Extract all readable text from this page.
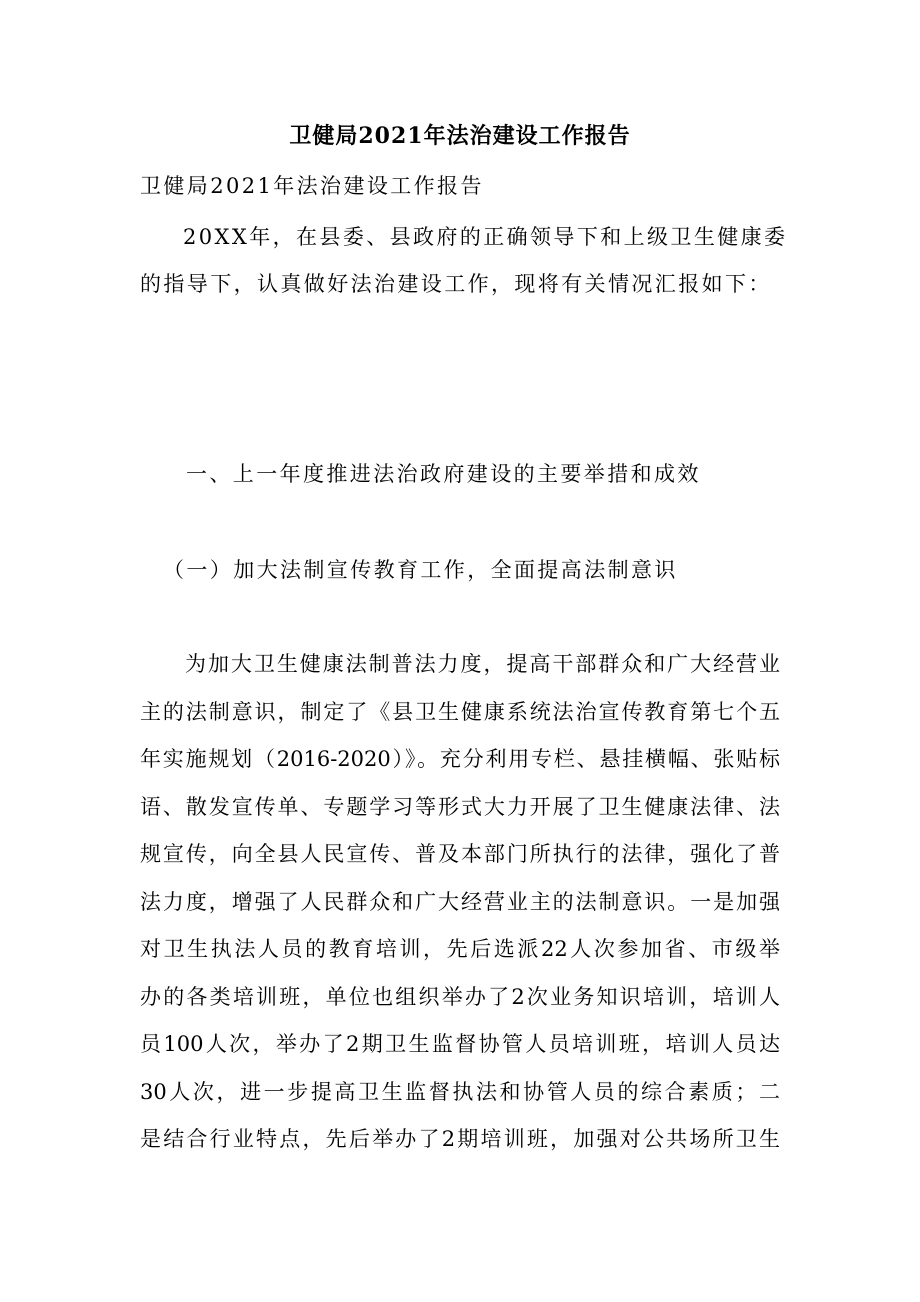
卫健局2021年法治建设工作报告
卫健局2021年法治建设工作报告
20XX年，在县委、县政府的正确领导下和上级卫生健康委
的指导下，认真做好法治建设工作，现将有关情况汇报如下：
一、上一年度推进法治政府建设的主要举措和成效
（一）加大法制宣传教育工作，全面提高法制意识
为加大卫生健康法制普法力度，提高干部群众和广大经营业
主的法制意识，制定了《县卫生健康系统法治宣传教育第七个五
年实施规划（2016-2020）》。充分利用专栏、悬挂横幅、张贴标
语、散发宣传单、专题学习等形式大力开展了卫生健康法律、法
规宣传，向全县人民宣传、普及本部门所执行的法律，强化了普
法力度，增强了人民群众和广大经营业主的法制意识。一是加强
对卫生执法人员的教育培训，先后选派22人次参加省、市级举
办的各类培训班，单位也组织举办了2次业务知识培训，培训人
员100人次，举办了2期卫生监督协管人员培训班，培训人员达
30人次，进一步提高卫生监督执法和协管人员的综合素质；二
是结合行业特点，先后举办了2期培训班，加强对公共场所卫生
